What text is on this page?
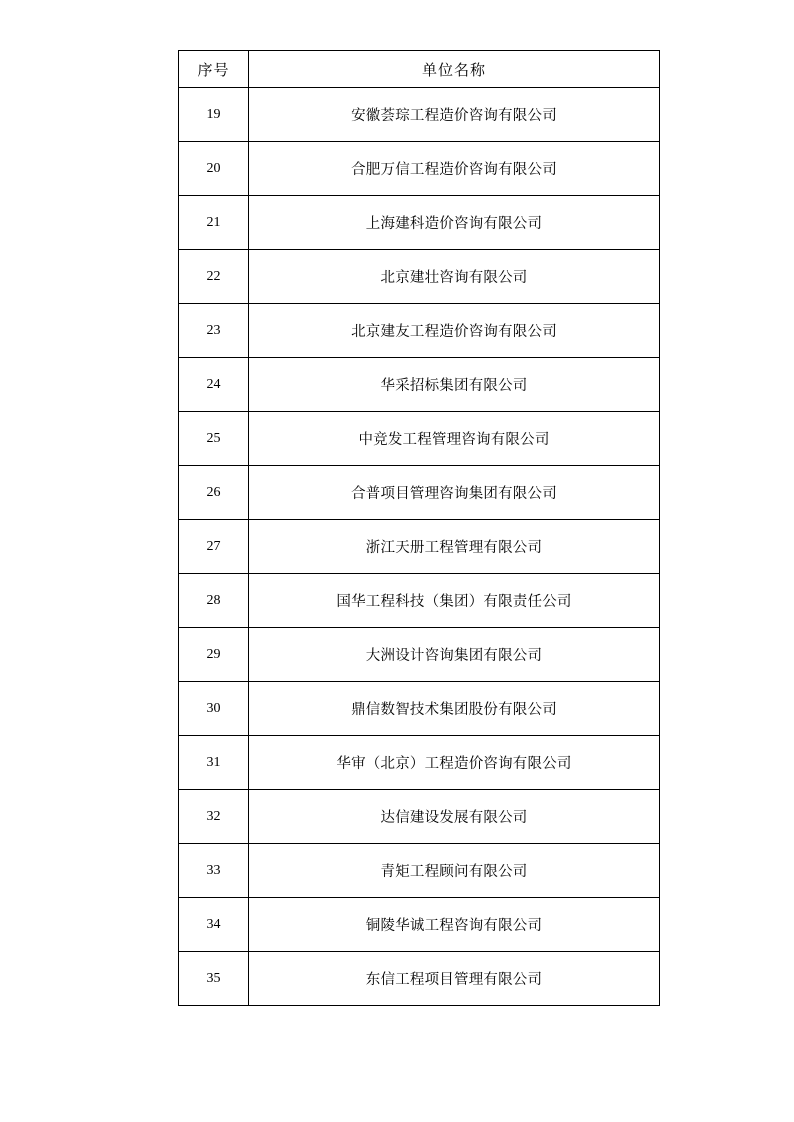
序号	单位名称
19	安徽荟琮工程造价咨询有限公司
20	合肥万信工程造价咨询有限公司
21	上海建科造价咨询有限公司
22	北京建壮咨询有限公司
23	北京建友工程造价咨询有限公司
24	华采招标集团有限公司
25	中竞发工程管理咨询有限公司
26	合普项目管理咨询集团有限公司
27	浙江天册工程管理有限公司
28	国华工程科技（集团）有限责任公司
29	大洲设计咨询集团有限公司
30	鼎信数智技术集团股份有限公司
31	华审（北京）工程造价咨询有限公司
32	达信建设发展有限公司
33	青矩工程顾问有限公司
34	铜陵华诚工程咨询有限公司
35	东信工程项目管理有限公司
